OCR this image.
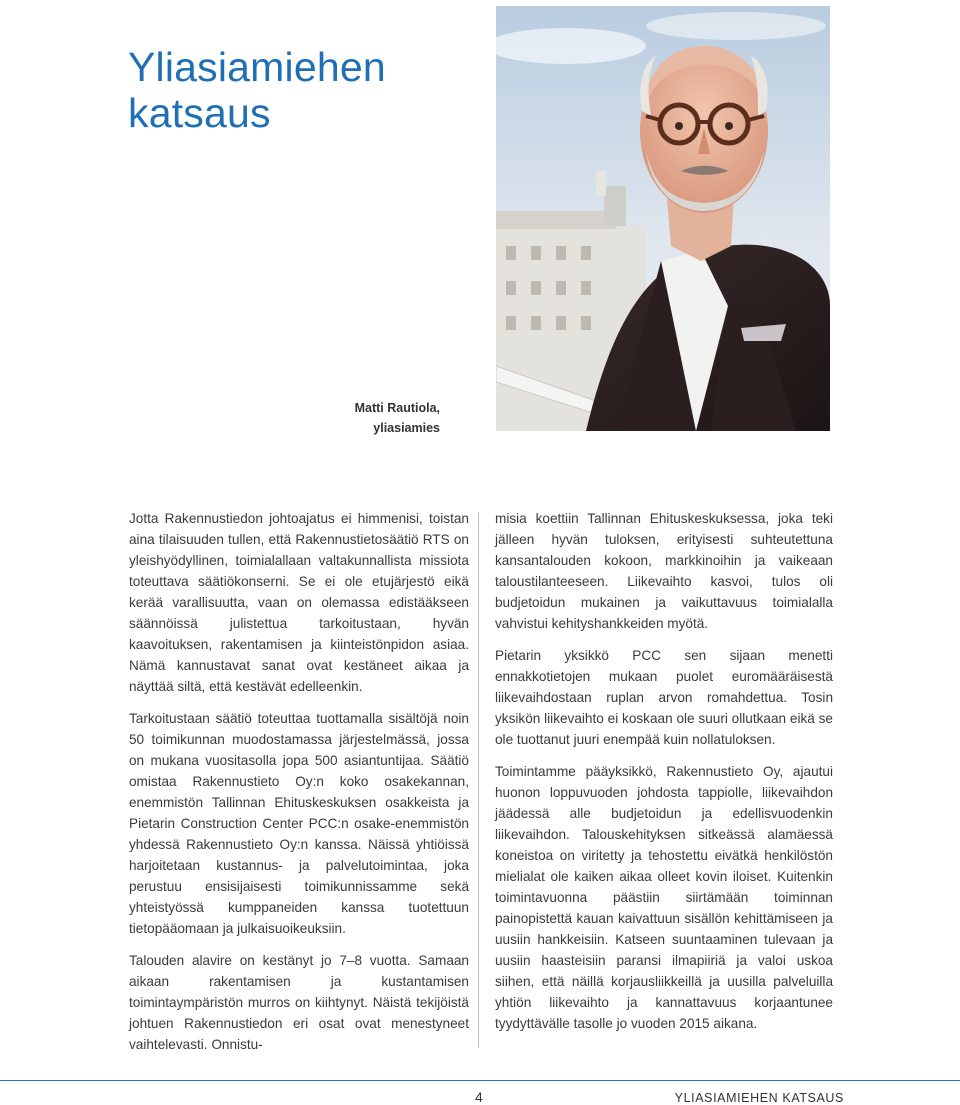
Yliasiamiehen
katsaus
Matti Rautiola,
yliasiamies

Jotta Rakennustiedon johtoajatus ei himmenisi, toistan aina tilaisuuden tullen, että Rakennustietosäätiö RTS on yleishyödyllinen, toimialallaan valtakunnallista missiota toteuttava säätiökonserni. Se ei ole etujärjestö eikä kerää varallisuutta, vaan on olemassa edistääkseen säännöissä julistettua tarkoitustaan, hyvän kaavoituksen, rakentamisen ja kiinteistönpidon asiaa. Nämä kannustavat sanat ovat kestäneet aikaa ja näyttää siltä, että kestävät edelleenkin.

Tarkoitustaan säätiö toteuttaa tuottamalla sisältöjä noin 50 toimikunnan muodostamassa järjestelmässä, jossa on mukana vuositasolla jopa 500 asiantuntijaa. Säätiö omistaa Rakennustieto Oy:n koko osakekannan, enemmistön Tallinnan Ehituskeskuksen osakkeista ja Pietarin Construction Center PCC:n osake-enemmistön yhdessä Rakennustieto Oy:n kanssa. Näissä yhtiöissä harjoitetaan kustannus- ja palvelutoimintaa, joka perustuu ensisijaisesti toimikunnissamme sekä yhteistyössä kumppaneiden kanssa tuotettuun tietopääomaan ja julkaisuoikeuksiin.

Talouden alavire on kestänyt jo 7–8 vuotta. Samaan aikaan rakentamisen ja kustantamisen toimintaympäristön murros on kiihtynyt. Näistä tekijöistä johtuen Rakennustiedon eri osat ovat menestyneet vaihtelevasti. Onnistu-

misia koettiin Tallinnan Ehituskeskuksessa, joka teki jälleen hyvän tuloksen, erityisesti suhteutettuna kansantalouden kokoon, markkinoihin ja vaikeaan taloustilanteeseen. Liikevaihto kasvoi, tulos oli budjetoidun mukainen ja vaikuttavuus toimialalla vahvistui kehityshankkeiden myötä.

Pietarin yksikkö PCC sen sijaan menetti ennakkotietojen mukaan puolet euromääräisestä liikevaihdostaan ruplan arvon romahdettua. Tosin yksikön liikevaihto ei koskaan ole suuri ollutkaan eikä se ole tuottanut juuri enempää kuin nollatuloksen.

Toimintamme pääyksikkö, Rakennustieto Oy, ajautui huonon loppuvuoden johdosta tappiolle, liikevaihdon jäädessä alle budjetoidun ja edellisvuodenkin liikevaihdon. Talouskehityksen sitkeässä alamäessä koneistoa on viritetty ja tehostettu eivätkä henkilöstön mielialat ole kaiken aikaa olleet kovin iloiset. Kuitenkin toimintavuonna päästiin siirtämään toiminnan painopistettä kauan kaivattuun sisällön kehittämiseen ja uusiin hankkeisiin. Katseen suuntaaminen tulevaan ja uusiin haasteisiin paransi ilmapiiriä ja valoi uskoa siihen, että näillä korjausliikkeillä ja uusilla palveluilla yhtiön liikevaihto ja kannattavuus korjaantunee tyydyttävälle tasolle jo vuoden 2015 aikana.

4	YLIASIAMIEHEN KATSAUS
